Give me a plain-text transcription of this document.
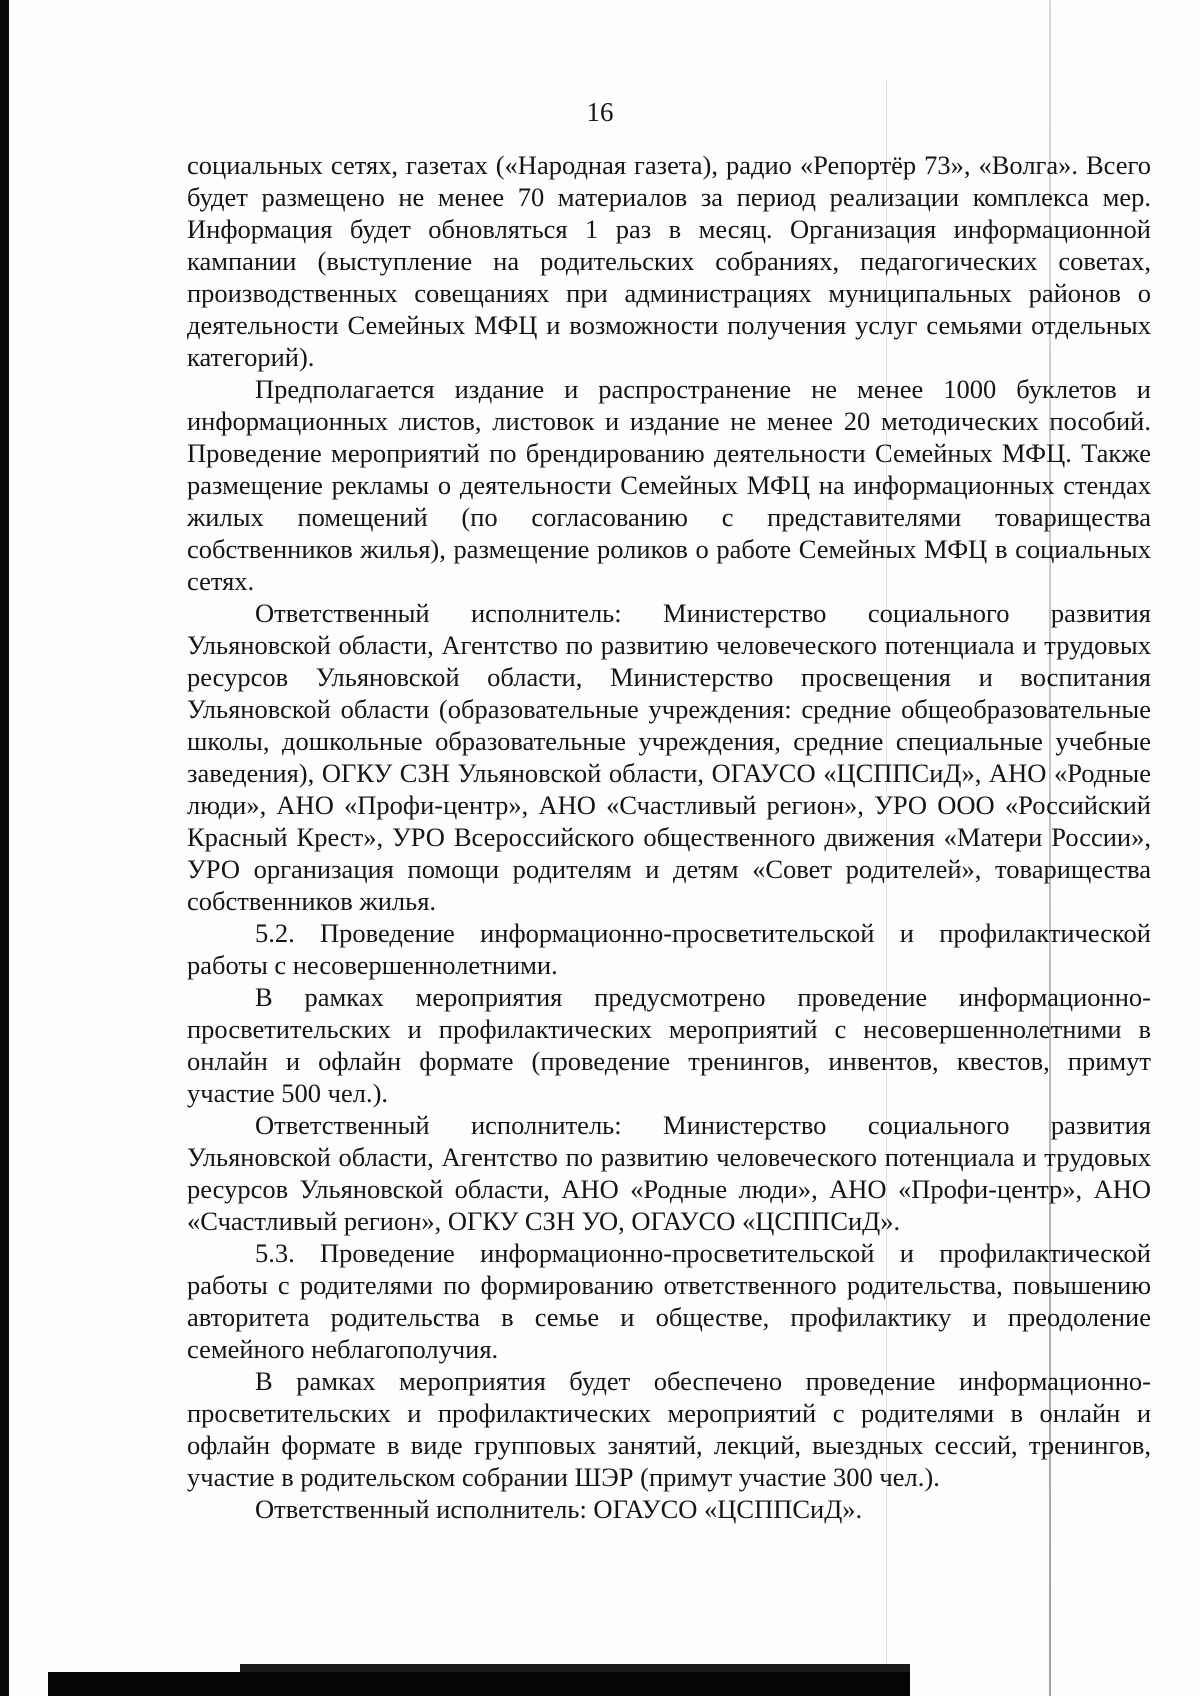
16

социальных сетях, газетах («Народная газета), радио «Репортёр 73», «Волга». Всего будет размещено не менее 70 материалов за период реализации комплекса мер. Информация будет обновляться 1 раз в месяц. Организация информационной кампании (выступление на родительских собраниях, педагогических советах, производственных совещаниях при администрациях муниципальных районов о деятельности Семейных МФЦ и возможности получения услуг семьями отдельных категорий).

Предполагается издание и распространение не менее 1000 буклетов и информационных листов, листовок и издание не менее 20 методических пособий. Проведение мероприятий по брендированию деятельности Семейных МФЦ. Также размещение рекламы о деятельности Семейных МФЦ на информационных стендах жилых помещений (по согласованию с представителями товарищества собственников жилья), размещение роликов о работе Семейных МФЦ в социальных сетях.

Ответственный исполнитель: Министерство социального развития Ульяновской области, Агентство по развитию человеческого потенциала и трудовых ресурсов Ульяновской области, Министерство просвещения и воспитания Ульяновской области (образовательные учреждения: средние общеобразовательные школы, дошкольные образовательные учреждения, средние специальные учебные заведения), ОГКУ СЗН Ульяновской области, ОГАУСО «ЦСППСиД», АНО «Родные люди», АНО «Профи-центр», АНО «Счастливый регион», УРО ООО «Российский Красный Крест», УРО Всероссийского общественного движения «Матери России», УРО организация помощи родителям и детям «Совет родителей», товарищества собственников жилья.

5.2. Проведение информационно-просветительской и профилактической работы с несовершеннолетними.

В рамках мероприятия предусмотрено проведение информационно-просветительских и профилактических мероприятий с несовершеннолетними в онлайн и офлайн формате (проведение тренингов, инвентов, квестов, примут участие 500 чел.).

Ответственный исполнитель: Министерство социального развития Ульяновской области, Агентство по развитию человеческого потенциала и трудовых ресурсов Ульяновской области, АНО «Родные люди», АНО «Профи-центр», АНО «Счастливый регион», ОГКУ СЗН УО, ОГАУСО «ЦСППСиД».

5.3. Проведение информационно-просветительской и профилактической работы с родителями по формированию ответственного родительства, повышению авторитета родительства в семье и обществе, профилактику и преодоление семейного неблагополучия.

В рамках мероприятия будет обеспечено проведение информационно-просветительских и профилактических мероприятий с родителями в онлайн и офлайн формате в виде групповых занятий, лекций, выездных сессий, тренингов, участие в родительском собрании ШЭР (примут участие 300 чел.).

Ответственный исполнитель: ОГАУСО «ЦСППСиД».
